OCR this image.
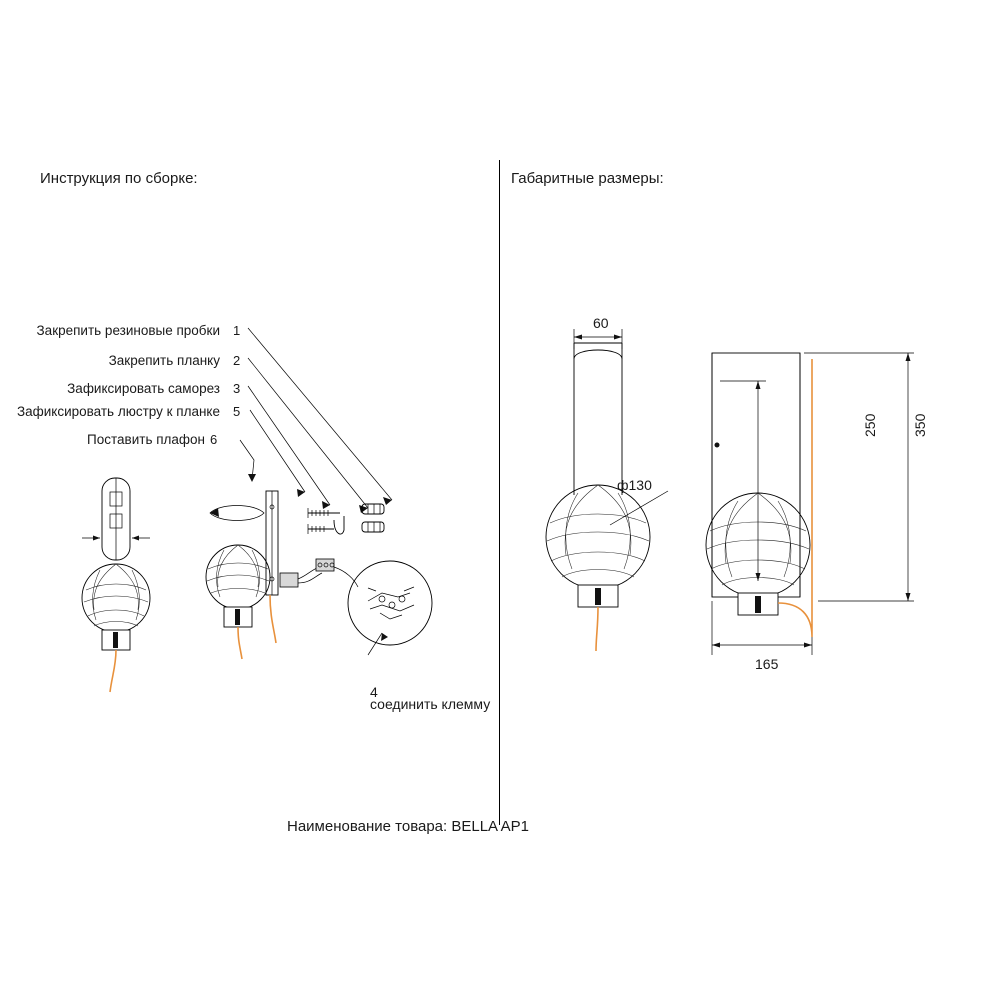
Инструкция по сборке:
Закрепить резиновые пробки 1
Закрепить планку 2
Зафиксировать саморез 3
Зафиксировать люстру к планке 5
Поставить плафон 6
4
соединить клемму
Габаритные размеры:
60
ф130
250 350
165
Наименование товара: BELLA AP1
